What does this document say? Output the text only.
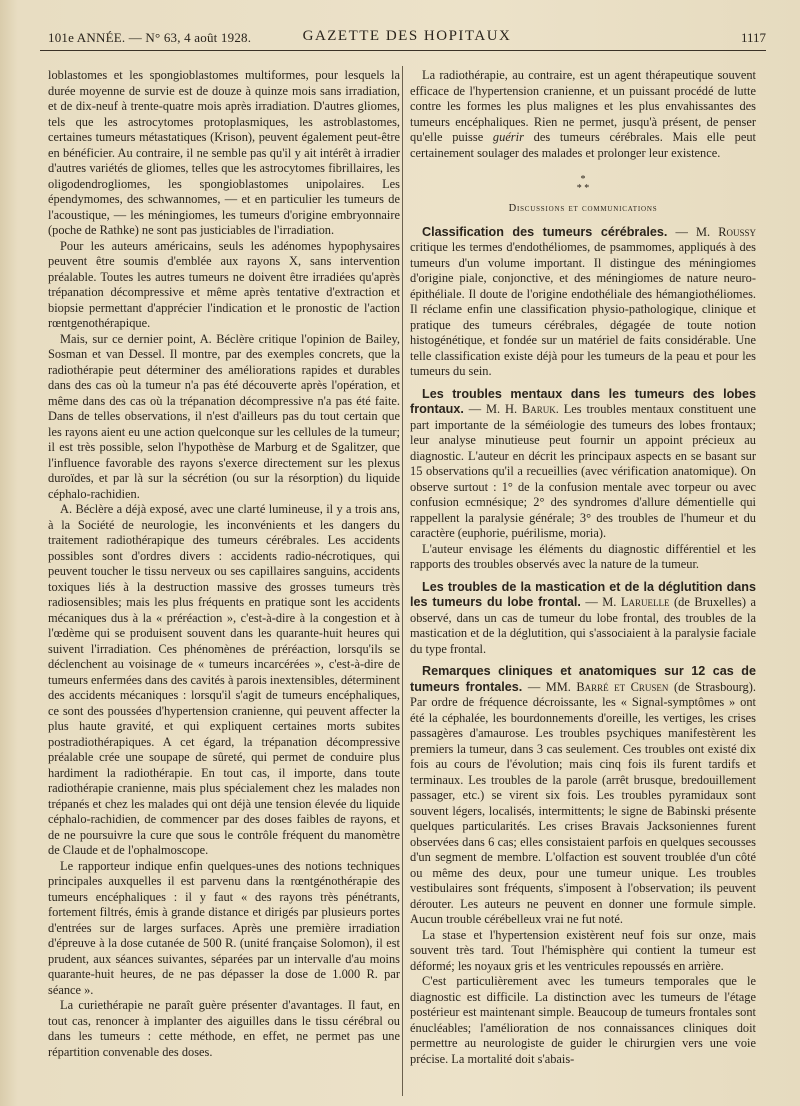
101e ANNÉE. — N° 63, 4 août 1928.	GAZETTE DES HOPITAUX	1117

loblastomes et les spongioblastomes multiformes, pour lesquels la durée moyenne de survie est de douze à quinze mois sans irradiation, et de dix-neuf à trente-quatre mois après irradiation. D'autres gliomes, tels que les astrocytomes protoplasmiques, les astroblastomes, certaines tumeurs métastatiques (Krison), peuvent également peut-être en bénéficier. Au contraire, il ne semble pas qu'il y ait intérêt à irradier d'autres variétés de gliomes, telles que les astrocytomes fibrillaires, les oligodendrogliomes, les spongioblastomes unipolaires. Les épendymomes, des schwannomes, — et en particulier les tumeurs de l'acoustique, — les méningiomes, les tumeurs d'origine embryonnaire (poche de Rathke) ne sont pas justiciables de l'irradiation.

Pour les auteurs américains, seuls les adénomes hypophysaires peuvent être soumis d'emblée aux rayons X, sans intervention préalable. Toutes les autres tumeurs ne doivent être irradiées qu'après trépanation décompressive et même après tentative d'extraction et biopsie permettant d'apprécier l'indication et le pronostic de l'action rœntgenothérapique.

Mais, sur ce dernier point, A. Béclère critique l'opinion de Bailey, Sosman et van Dessel. Il montre, par des exemples concrets, que la radiothérapie peut déterminer des améliorations rapides et durables dans des cas où la tumeur n'a pas été découverte après l'opération, et même dans des cas où la trépanation décompressive n'a pas été faite. Dans de telles observations, il n'est d'ailleurs pas du tout certain que les rayons aient eu une action quelconque sur les cellules de la tumeur; il est très possible, selon l'hypothèse de Marburg et de Sgalitzer, que l'influence favorable des rayons s'exerce directement sur les plexus duroïdes, et par là sur la sécrétion (ou sur la résorption) du liquide céphalo-rachidien.

A. Béclère a déjà exposé, avec une clarté lumineuse, il y a trois ans, à la Société de neurologie, les inconvénients et les dangers du traitement radiothérapique des tumeurs cérébrales. Les accidents possibles sont d'ordres divers : accidents radio-nécrotiques, qui peuvent toucher le tissu nerveux ou ses capillaires sanguins, accidents toxiques liés à la destruction massive des grosses tumeurs très radiosensibles; mais les plus fréquents en pratique sont les accidents mécaniques dus à la « préréaction », c'est-à-dire à la congestion et à l'œdème qui se produisent souvent dans les quarante-huit heures qui suivent l'irradiation. Ces phénomènes de préréaction, lorsqu'ils se déclenchent au voisinage de « tumeurs incarcérées », c'est-à-dire de tumeurs enfermées dans des cavités à parois inextensibles, déterminent des accidents mécaniques : lorsqu'il s'agit de tumeurs encéphaliques, ce sont des poussées d'hypertension cranienne, qui peuvent affecter la plus haute gravité, et qui expliquent certaines morts subites postradiothérapiques. A cet égard, la trépanation décompressive préalable crée une soupape de sûreté, qui permet de conduire plus hardiment la radiothérapie. En tout cas, il importe, dans toute radiothérapie cranienne, mais plus spécialement chez les malades non trépanés et chez les malades qui ont déjà une tension élevée du liquide céphalo-rachidien, de commencer par des doses faibles de rayons, et de ne poursuivre la cure que sous le contrôle fréquent du manomètre de Claude et de l'ophalmoscope.

Le rapporteur indique enfin quelques-unes des notions techniques principales auxquelles il est parvenu dans la rœntgénothérapie des tumeurs encéphaliques : il y faut « des rayons très pénétrants, fortement filtrés, émis à grande distance et dirigés par plusieurs portes d'entrées sur de larges surfaces. Après une première irradiation d'épreuve à la dose cutanée de 500 R. (unité française Solomon), il est prudent, aux séances suivantes, séparées par un intervalle d'au moins quarante-huit heures, de ne pas dépasser la dose de 1.000 R. par séance ».

La curiethérapie ne paraît guère présenter d'avantages. Il faut, en tout cas, renoncer à implanter des aiguilles dans le tissu cérébral ou dans les tumeurs : cette méthode, en effet, ne permet pas une répartition convenable des doses.

La radiothérapie, au contraire, est un agent thérapeutique souvent efficace de l'hypertension cranienne, et un puissant procédé de lutte contre les formes les plus malignes et les plus envahissantes des tumeurs encéphaliques. Rien ne permet, jusqu'à présent, de penser qu'elle puisse guérir des tumeurs cérébrales. Mais elle peut certainement soulager des malades et prolonger leur existence.

*
* *
Discussions et communications

Classification des tumeurs cérébrales. — M. Roussy critique les termes d'endothéliomes, de psammomes, appliqués à des tumeurs d'un volume important. Il distingue des méningiomes d'origine piale, conjonctive, et des méningiomes de nature neuro-épithéliale. Il doute de l'origine endothéliale des hémangiothéliomes. Il réclame enfin une classification physio-pathologique, clinique et pratique des tumeurs cérébrales, dégagée de toute notion histogénétique, et fondée sur un matériel de faits considérable. Une telle classification existe déjà pour les tumeurs de la peau et pour les tumeurs du sein.

Les troubles mentaux dans les tumeurs des lobes frontaux. — M. H. Baruk. Les troubles mentaux constituent une part importante de la séméiologie des tumeurs des lobes frontaux; leur analyse minutieuse peut fournir un appoint précieux au diagnostic. L'auteur en décrit les principaux aspects en se basant sur 15 observations qu'il a recueillies (avec vérification anatomique). On observe surtout : 1° de la confusion mentale avec torpeur ou avec confusion ecmnésique; 2° des syndromes d'allure démentielle qui rappellent la paralysie générale; 3° des troubles de l'humeur et du caractère (euphorie, puérilisme, moria).

L'auteur envisage les éléments du diagnostic différentiel et les rapports des troubles observés avec la nature de la tumeur.

Les troubles de la mastication et de la déglutition dans les tumeurs du lobe frontal. — M. Laruelle (de Bruxelles) a observé, dans un cas de tumeur du lobe frontal, des troubles de la mastication et de la déglutition, qui s'associaient à la paralysie faciale du type frontal.

Remarques cliniques et anatomiques sur 12 cas de tumeurs frontales. — MM. Barré et Crusen (de Strasbourg). Par ordre de fréquence décroissante, les « Signal-symptômes » ont été la céphalée, les bourdonnements d'oreille, les vertiges, les crises passagères d'amaurose. Les troubles psychiques manifestèrent les premiers la tumeur, dans 3 cas seulement. Ces troubles ont existé dix fois au cours de l'évolution; mais cinq fois ils furent tardifs et terminaux. Les troubles de la parole (arrêt brusque, bredouillement passager, etc.) se virent six fois. Les troubles pyramidaux sont souvent légers, localisés, intermittents; le signe de Babinski présente quelques particularités. Les crises Bravais Jacksoniennes furent observées dans 6 cas; elles consistaient parfois en quelques secousses d'un segment de membre. L'olfaction est souvent troublée d'un côté ou même des deux, pour une tumeur unique. Les troubles vestibulaires sont fréquents, s'imposent à l'observation; ils peuvent dérouter. Les auteurs ne peuvent en donner une formule simple. Aucun trouble cérébelleux vrai ne fut noté.

La stase et l'hypertension existèrent neuf fois sur onze, mais souvent très tard. Tout l'hémisphère qui contient la tumeur est déformé; les noyaux gris et les ventricules repoussés en arrière.

C'est particulièrement avec les tumeurs temporales que le diagnostic est difficile. La distinction avec les tumeurs de l'étage postérieur est maintenant simple. Beaucoup de tumeurs frontales sont énucléables; l'amélioration de nos connaissances cliniques doit permettre au neurologiste de guider le chirurgien vers une voie précise. La mortalité doit s'abais-
